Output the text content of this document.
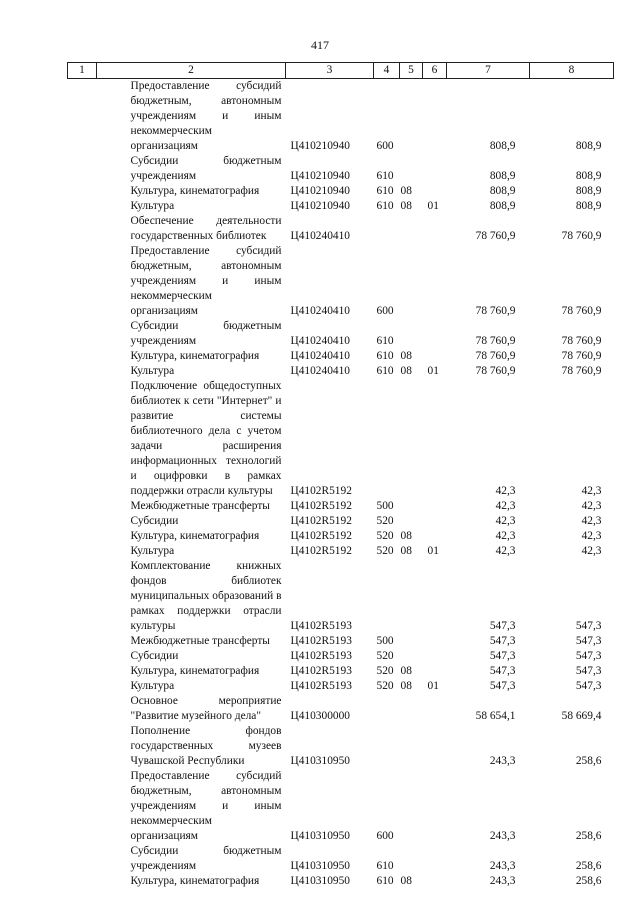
417
1	2	3	4	5	6	7	8
	Предоставление субсидий бюджетным, автономным учреждениям и иным некоммерческим организациям	Ц410210940	600			808,9	808,9
	Субсидии бюджетным учреждениям	Ц410210940	610			808,9	808,9
	Культура, кинематография	Ц410210940	610	08		808,9	808,9
	Культура	Ц410210940	610	08	01	808,9	808,9
	Обеспечение деятельности государственных библиотек	Ц410240410				78 760,9	78 760,9
	Предоставление субсидий бюджетным, автономным учреждениям и иным некоммерческим организациям	Ц410240410	600			78 760,9	78 760,9
	Субсидии бюджетным учреждениям	Ц410240410	610			78 760,9	78 760,9
	Культура, кинематография	Ц410240410	610	08		78 760,9	78 760,9
	Культура	Ц410240410	610	08	01	78 760,9	78 760,9
	Подключение общедоступных библиотек к сети "Интернет" и развитие системы библиотечного дела с учетом задачи расширения информационных технологий и оцифровки в рамках поддержки отрасли культуры	Ц4102R5192				42,3	42,3
	Межбюджетные трансферты	Ц4102R5192	500			42,3	42,3
	Субсидии	Ц4102R5192	520			42,3	42,3
	Культура, кинематография	Ц4102R5192	520	08		42,3	42,3
	Культура	Ц4102R5192	520	08	01	42,3	42,3
	Комплектование книжных фондов библиотек муниципальных образований в рамках поддержки отрасли культуры	Ц4102R5193				547,3	547,3
	Межбюджетные трансферты	Ц4102R5193	500			547,3	547,3
	Субсидии	Ц4102R5193	520			547,3	547,3
	Культура, кинематография	Ц4102R5193	520	08		547,3	547,3
	Культура	Ц4102R5193	520	08	01	547,3	547,3
	Основное мероприятие "Развитие музейного дела"	Ц410300000				58 654,1	58 669,4
	Пополнение фондов государственных музеев Чувашской Республики	Ц410310950				243,3	258,6
	Предоставление субсидий бюджетным, автономным учреждениям и иным некоммерческим организациям	Ц410310950	600			243,3	258,6
	Субсидии бюджетным учреждениям	Ц410310950	610			243,3	258,6
	Культура, кинематография	Ц410310950	610	08		243,3	258,6
